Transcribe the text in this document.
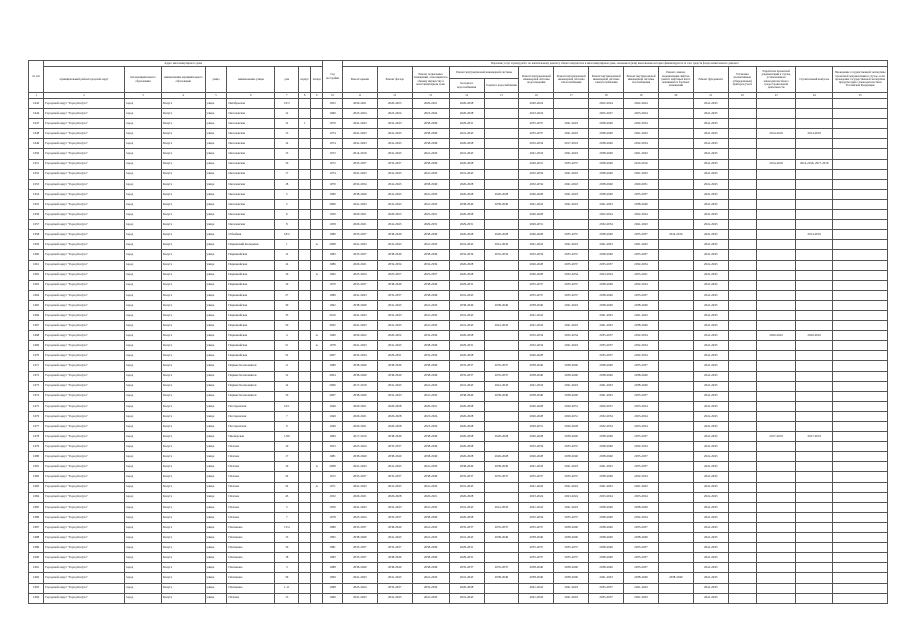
№ п/п	Адрес многоквартирного дома								Год постройки	Перечень услуг и (или) работ по капитальному ремонту общего имущества в многоквартирном доме, оказание и (или) выполнение которых финансируется за счет средств фонда капитального ремонта														
	муниципальный район/городской округ	тип муниципального образования	наименование муниципального образования	улица	наименование улицы	дом	корпус	литера		Ремонт крыши	Ремонт фасада	Ремонт подвальных помещений, относящихся к общему имуществу в многоквартирном доме	Ремонт внутридомовой инженерной системы		Ремонт внутридомовой инженерной системы водоотведения	Ремонт внутридомовой инженерной системы теплоснабжения	Ремонт внутридомовой инженерной системы электроснабжения	Ремонт внутридомовой инженерной системы газоснабжения	Ремонт, замена, модернизация лифтов, ремонт лифтовых шахт, машинных и блочных помещений	Ремонт фундамента	Установка коллективных (общедомовых) приборов учета	Разработка проектной документации в случае, установленном законодательством о градостроительной деятельности	Строительный контроль	Проведение государственной экспертизы проектной документации в случае, если проведение государственной экспертизы предусмотрено законодательством Российской Федерации
													Холодного водоснабжения	Горячего водоснабжения										
1	2	3	4	5	6	7	8	9	10	11	12	13	14	15	16	17	18	19	20	21	22	23	24	25
1643	Городской округ "Город Калуга"	город	Калуга	улица	Октябрьская	10/3			1952	2020-2021	2020-2023	2020-2021	2026-2028		2020-2024		2022-2024	2022-2024		2041-2043				
1644	Городской округ "Город Калуга"	город	Калуга	улица	Оксаловская	12			1960	2023-2024	2023-2024	2023-2024	2026-2028		2023-2024		2025-2027	2023-2024		2041-2043				
1647	Городской округ "Город Калуга"	город	Калуга	улица	Оксаловская	12	1		1970	2041-2043	2041-2043	2038-2040	2029-2031		2035-2037	2041-2043	2038-2040	2032-2034		2041-2043				
1648	Городской округ "Город Калуга"	город	Калуга	улица	Оксаловская	13			1974	2041-2043	2041-2043	2038-2040	2041-2043		2035-2037	2041-2043	2038-2040	2041-2043		2041-2043		2014-2016	2014-2016	
1649	Городской округ "Город Калуга"	город	Калуга	улица	Оксаловская	14			1974	2041-2043	2041-2043	2038-2040	2026-2028		2032-2034	2017-2019	2038-2040	2032-2034		2041-2043				
1650	Городской округ "Город Калуга"	город	Калуга	улица	Оксаловская	15			1972	2014-2016	2041-2043	2041-2043	2041-2043		2041-2043	2041-2043	2038-2040	2041-2043		2041-2043				
1651	Городской округ "Город Калуга"	город	Калуга	улица	Оксаловская	16			1972	2035-2037	2035-2037	2038-2040	2026-2028		2029-2031	2035-2037	2038-2040	2014-2016		2041-2043		2014-2016	2014-2016, 2017-2019	
1652	Городской округ "Город Калуга"	город	Калуга	улица	Оксаловская	17			1974	2041-2043	2041-2043	2041-2043	2041-2043		2032-2034	2041-2043	2038-2040	2041-2043		2041-2043				
1653	Городской округ "Город Калуга"	город	Калуга	улица	Оксаловская	18			1970	2032-2034	2041-2043	2038-2040	2026-2028		2032-2034	2041-2043	2038-2040	2029-2031		2041-2043				
1654	Городской округ "Город Калуга"	город	Калуга	улица	Оксаловская	5			1960	2038-2040	2041-2043	2041-2043	2026-2028	2026-2028	2026-2028	2041-2043	2038-2040	2035-2037		2041-2043				
1655	Городской округ "Город Калуга"	город	Калуга	улица	Оксаловская	5			2006	2041-2043	2041-2043	2041-2043	2038-2040	2038-2040	2041-2043	2041-2043	2041-2043	2038-2040		2041-2043				
1656	Городской округ "Город Калуга"	город	Калуга	улица	Оксаловская	6			1950	2020-2021	2020-2023	2025-2021	2026-2028		2026-2028		2022-2024	2022-2024		2041-2043				
1657	Городской округ "Город Калуга"	город	Калуга	улица	Оксаловская	8			1958	2020-2021	2041-2043	2029-2031	2029-2031		2029-2031		2032-2034	2041-2043		2041-2043				
1658	Городской округ "Город Калуга"	город	Калуга	улица	Отбойная	18/2			1980	2035-2037	2038-2040	2038-2040	2026-2028	2026-2028	2026-2028	2035-2037	2038-2040	2035-2037	2014-2016	2041-2043			2014-2016	
1659	Городской округ "Город Калуга"	город	Калуга	улица	Парковский Кольцевая	1		А	2008	2041-2043	2041-2043	2041-2043	2041-2043	2041-2043	2041-2043	2041-2043	2041-2043	2041-2043		2041-2043				
1660	Городской округ "Город Калуга"	город	Калуга	улица	Первомайская	12			1983	2035-2037	2038-2040	2038-2040	2032-2034	2032-2034	2032-2034	2035-2037	2038-2040	2035-2037		2041-2043				
1661	Городской округ "Город Калуга"	город	Калуга	улица	Первомайская	14			1986	2020-2021	2032-2034	2032-2034	2026-2028		2026-2028	2035-2037	2035-2037	2032-2034		2041-2043				
1662	Городской округ "Город Калуга"	город	Калуга	улица	Первомайская	16		А	1962	2023-2024	2025-2027	2025-2027	2026-2028		2026-2028	2032-2034	2023-2024	2025-2021		2041-2043				
1663	Городской округ "Город Калуга"	город	Калуга	улица	Первомайская	19			1970	2035-2037	2038-2040	2038-2040	2029-2031		2035-2037	2035-2037	2038-2040	2032-2034		2041-2043				
1664	Городской округ "Город Калуга"	город	Калуга	улица	Первомайская	27			1989	2041-2043	2035-2037	2038-2040	2041-2043		2035-2037	2035-2037	2038-2040	2035-2037		2041-2043				
1665	Городской округ "Город Калуга"	город	Калуга	улица	Первомайская	30			1992	2038-2040	2041-2043	2041-2043	2038-2040	2038-2040	2038-2040	2041-2043	2038-2040	2038-2040		2041-2043				
1666	Городской округ "Город Калуга"	город	Калуга	улица	Первомайская	33			2010	2041-2043	2041-2043	2041-2043	2041-2043		2041-2043		2041-2043	2041-2043		2041-2043				
1667	Городской округ "Город Калуга"	город	Калуга	улица	Первомайская	50			2002	2041-2043	2041-2043	2041-2043	2041-2043	2041-2043	2041-2043	2041-2043	2041-2043	2038-2040		2041-2043				
1668	Городской округ "Город Калуга"	город	Калуга	улица	Первомайская	4		А	1960	2020-2022	2020-2022	2032-2034	2026-2028		2032-2034	2032-2034	2035-2037	2032-2034		2041-2043		2020-2022	2020-2022	
1669	Городской округ "Город Калуга"	город	Калуга	улица	Первомайская	51		А	1978	2041-2043	2041-2043	2038-2040	2029-2031		2032-2034	2041-2043	2035-2037	2032-2034		2041-2043				
1670	Городской округ "Город Калуга"	город	Калуга	улица	Первомайская	52			2007	2032-2034	2029-2031	2032-2034	2026-2028		2026-2028		2035-2037	2032-2034		2041-2043				
1671	Городской округ "Город Калуга"	город	Калуга	улица	Первых Космонавтов	11			1989	2038-2040	2038-2040	2038-2040	2035-2037	2035-2037	2038-2040	2038-2040	2038-2040	2035-2037		2041-2043				
1672	Городской округ "Город Калуга"	город	Калуга	улица	Первых Космонавтов	12			2004	2038-2040	2038-2040	2038-2040	2035-2037	2035-2037	2038-2040	2038-2040	2038-2040	2038-2040		2041-2043				
1673	Городской округ "Город Калуга"	город	Калуга	улица	Первых Космонавтов	14			2006	2017-2019	2041-2043	2041-2043	2041-2043	2041-2043	2041-2043	2041-2043	2041-2043	2038-2040		2041-2043				
1674	Городской округ "Город Калуга"	город	Калуга	улица	Первых Космонавтов	16			2007	2038-2040	2041-2043	2041-2043	2038-2040	2038-2040	2038-2040	2038-2040	2041-2043	2035-2037		2041-2043				
1675	Городской округ "Город Калуга"	город	Калуга	улица	Пестеровская	10/1			1949	2020-2021	2026-2028	2020-2021	2026-2028		2026-2028	2029-2031	2029-2031	2023-2024		2041-2043				
1676	Городской округ "Город Калуга"	город	Калуга	улица	Пестеровская	7			1949	2020-2021	2026-2028	2023-2024	2026-2028		2026-2028	2029-2031	2032-2034	2023-2024		2041-2043				
1677	Городской округ "Город Калуга"	город	Калуга	улица	Пестеровская	9			1949	2029-2021	2026-2028	2023-2024	2026-2028		2029-2031	2026-2028	2032-2034	2023-2024		2041-2043				
1678	Городской округ "Город Калуга"	город	Калуга	улица	Пионерская	1/90			1984	2017-2019	2038-2040	2038-2040	2026-2028	2026-2028	2026-2028	2038-2040	2038-2040	2035-2037		2041-2043		2017-2019	2017-2019	
1679	Городской округ "Город Калуга"	город	Калуга	улица	Платова	10			1953	2023-2024	2035-2037	2038-2040	2026-2028		2032-2034	2035-2037	2038-2040	2032-2034		2041-2043				
1680	Городской округ "Город Калуга"	город	Калуга	улица	Платова	17			1981	2038-2040	2038-2040	2038-2040	2026-2028	2026-2028	2026-2028	2038-2040	2038-2040	2035-2037		2041-2043				
1681	Городской округ "Город Калуга"	город	Калуга	улица	Платова	19		А	2008	2041-2043	2041-2043	2041-2043	2038-2040	2038-2040	2041-2043	2041-2043	2041-2043	2035-2037		2041-2043				
1682	Городской округ "Город Калуга"	город	Калуга	улица	Платова	32			1972	2035-2037	2035-2037	2038-2040	2035-2037	2035-2037	2035-2037	2035-2037	2038-2040	2032-2034		2041-2043				
1683	Городской округ "Город Калуга"	город	Калуга	улица	Платова	32		А	1971	2041-2043	2041-2043	2041-2043	2041-2043		2041-2043	2041-2043	2041-2043	2041-2043		2041-2043				
1684	Городской округ "Город Калуга"	город	Калуга	улица	Платова	45			1952	2020-2021	2026-2028	2020-2021	2026-2028		2023-2024	2023-2024	2023-2024	2023-2024		2041-2043				
1685	Городской округ "Город Калуга"	город	Калуга	улица	Платова	5			1956	2041-2043	2041-2043	2041-2043	2041-2043	2041-2043	2041-2043	2041-2043	2038-2040	2038-2040		2041-2043				
1686	Городской округ "Город Калуга"	город	Калуга	улица	Платова	7			1978	2023-2024	2035-2037	2038-2040	2026-2028		2032-2034	2035-2037	2038-2040	2032-2034		2041-2043				
1687	Городской округ "Город Калуга"	город	Калуга	улица	Плеханова	13/4			1980	2035-2037	2038-2040	2041-2043	2035-2037	2035-2037	2035-2037	2038-2040	2038-2040	2035-2037		2041-2043				
1688	Городской округ "Город Калуга"	город	Калуга	улица	Плеханова	15			1995	2038-2040	2041-2043	2041-2043	2041-2043	2038-2040	2038-2040	2038-2040	2038-2040	2038-2040		2041-2043				
1689	Городской округ "Город Калуга"	город	Калуга	улица	Плеханова	16			1981	2035-2037	2035-2037	2038-2040	2029-2031		2035-2037	2035-2037	2038-2040	2035-2037		2041-2043				
1690	Городской округ "Город Калуга"	город	Калуга	улица	Плеханова	18			1983	2035-2037	2038-2040	2038-2040	2029-2031		2035-2037	2035-2037	2038-2040	2035-2037		2041-2043				
1691	Городской округ "Город Калуга"	город	Калуга	улица	Плеханова	3			1988	2038-2040	2038-2040	2038-2040	2035-2037	2035-2037	2038-2040	2038-2040	2038-2040	2035-2037		2041-2043				
1692	Городской округ "Город Калуга"	город	Калуга	улица	Плеханова	56			1999	2041-2043	2041-2043	2041-2043	2041-2043	2038-2040	2038-2040	2038-2040	2041-2043	2038-2040	2038-2040	2041-2043				
1693	Городской округ "Город Калуга"	город	Калуга	улица	Плеханова	1-11			1968	2023-2024	2035-2037	2032-2034	2026-2028		2041-2043	2041-2043	2035-2037	2041-2043		2041-2043				
1694	Городской округ "Город Калуга"	город	Калуга	улица	Платова	15			1960	2041-2043	2041-2043	2041-2043	2041-2043		2041-2043	2041-2043	2035-2037	2041-2043		2041-2043				
